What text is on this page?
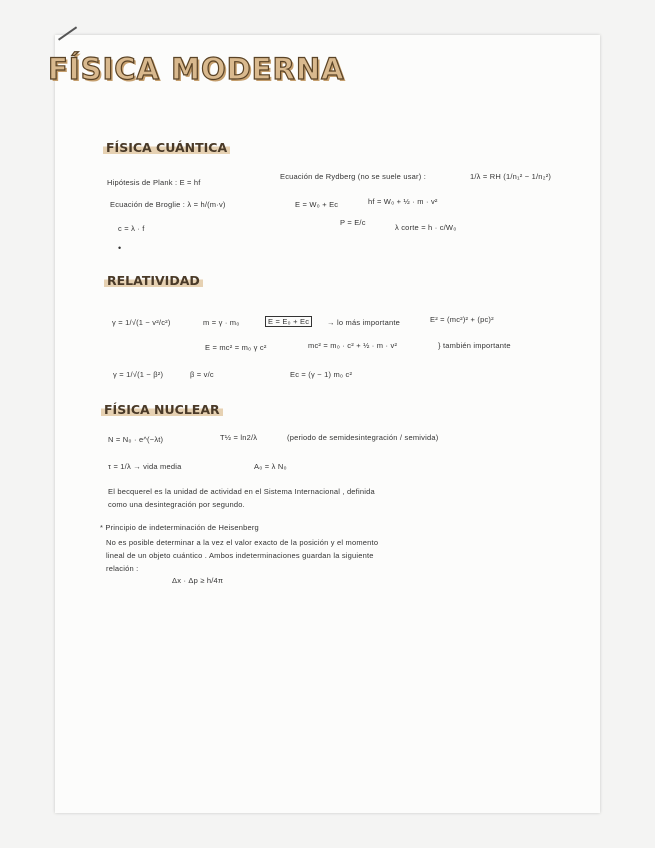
FÍSICA MODERNA
FÍSICA CUÁNTICA
Hipótesis de Plank : E = hf
Ecuación de Rydberg (no se suele usar) :	1/λ = RH (1/n₁² − 1/n₂²)
Ecuación de Broglie : λ = h/(m·v)	E = W₀ + Ec	hf = W₀ + ½ · m · v²
c = λ · f
P = E/c
λ corte = h · c/W₀
•
RELATIVIDAD
γ = 1/√(1 − v²/c²)	m = γ · m₀	E = E₀ + Ec	→ lo más importante	E² = (mc²)² + (pc)²
E = mc² = m₀ γ c²	mc² = m₀ · c² + ½ · m · v²	} también importante
γ = 1/√(1 − β²)	β = v/c	Ec = (γ − 1) m₀ c²
FÍSICA NUCLEAR
N = N₀ · e^(−λt)	T½ = ln2/λ	(periodo de semidesintegración / semivida)
τ = 1/λ → vida media	A₀ = λ N₀
El becquerel es la unidad de actividad en el Sistema Internacional , definida
como una desintegración por segundo.
* Principio de indeterminación de Heisenberg
No es posible determinar a la vez el valor exacto de la posición y el momento
lineal de un objeto cuántico . Ambos indeterminaciones guardan la siguiente
relación :
Δx · Δp ≥ h/4π
